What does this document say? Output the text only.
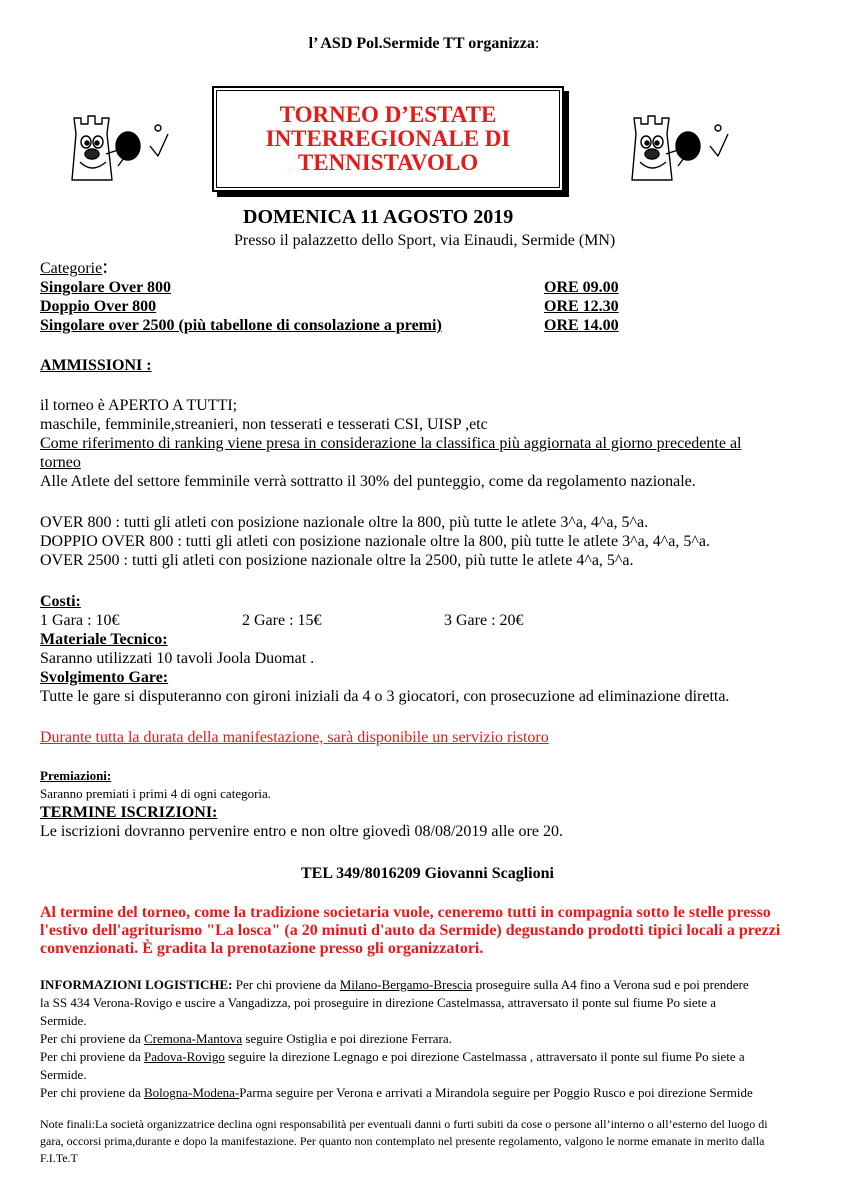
l’ ASD Pol.Sermide TT organizza:
TORNEO D’ESTATE
INTERREGIONALE DI
TENNISTAVOLO
DOMENICA 11 AGOSTO 2019
Presso il palazzetto dello Sport, via Einaudi, Sermide (MN)
Categorie:
Singolare Over 800	ORE 09.00
Doppio Over 800	ORE 12.30
Singolare over 2500 (più tabellone di consolazione a premi)	ORE 14.00
AMMISSIONI :
il torneo è APERTO A TUTTI;
maschile, femminile,streanieri, non tesserati e tesserati CSI, UISP ,etc
Come riferimento di ranking viene presa in considerazione la classifica più aggiornata al giorno precedente al
torneo
Alle Atlete del settore femminile verrà sottratto il 30% del punteggio, come da regolamento nazionale.
OVER 800 : tutti gli atleti con posizione nazionale oltre la 800, più tutte le atlete 3^a, 4^a, 5^a.
DOPPIO OVER 800 : tutti gli atleti con posizione nazionale oltre la 800, più tutte le atlete 3^a, 4^a, 5^a.
OVER 2500 : tutti gli atleti con posizione nazionale oltre la 2500, più tutte le atlete 4^a, 5^a.
Costi:
1 Gara : 10€	2 Gare : 15€	3 Gare : 20€
Materiale Tecnico:
Saranno utilizzati 10 tavoli Joola Duomat .
Svolgimento Gare:
Tutte le gare si disputeranno con gironi iniziali da 4 o 3 giocatori, con prosecuzione ad eliminazione diretta.
Durante tutta la durata della manifestazione, sarà disponibile un servizio ristoro
Premiazioni:
Saranno premiati i primi 4 di ogni categoria.
TERMINE ISCRIZIONI:
Le iscrizioni dovranno pervenire entro e non oltre giovedì 08/08/2019 alle ore 20.
TEL 349/8016209 Giovanni Scaglioni
Al termine del torneo, come la tradizione societaria vuole, ceneremo tutti in compagnia sotto le stelle presso
l'estivo dell'agriturismo "La losca" (a 20 minuti d'auto da Sermide) degustando prodotti tipici locali a prezzi
convenzionati. È gradita la prenotazione presso gli organizzatori.
INFORMAZIONI LOGISTICHE: Per chi proviene da Milano-Bergamo-Brescia proseguire sulla A4 fino a Verona sud e poi prendere
la SS 434 Verona-Rovigo e uscire a Vangadizza, poi proseguire in direzione Castelmassa, attraversato il ponte sul fiume Po siete a
Sermide.
Per chi proviene da Cremona-Mantova seguire Ostiglia e poi direzione Ferrara.
Per chi proviene da Padova-Rovigo seguire la direzione Legnago e poi direzione Castelmassa , attraversato il ponte sul fiume Po siete a
Sermide.
Per chi proviene da Bologna-Modena-Parma seguire per Verona e arrivati a Mirandola seguire per Poggio Rusco e poi direzione Sermide
Note finali:La società organizzatrice declina ogni responsabilità per eventuali danni o furti subiti da cose o persone all’interno o all’esterno del luogo di
gara, occorsi prima,durante e dopo la manifestazione. Per quanto non contemplato nel presente regolamento, valgono le norme emanate in merito dalla
F.I.Te.T
